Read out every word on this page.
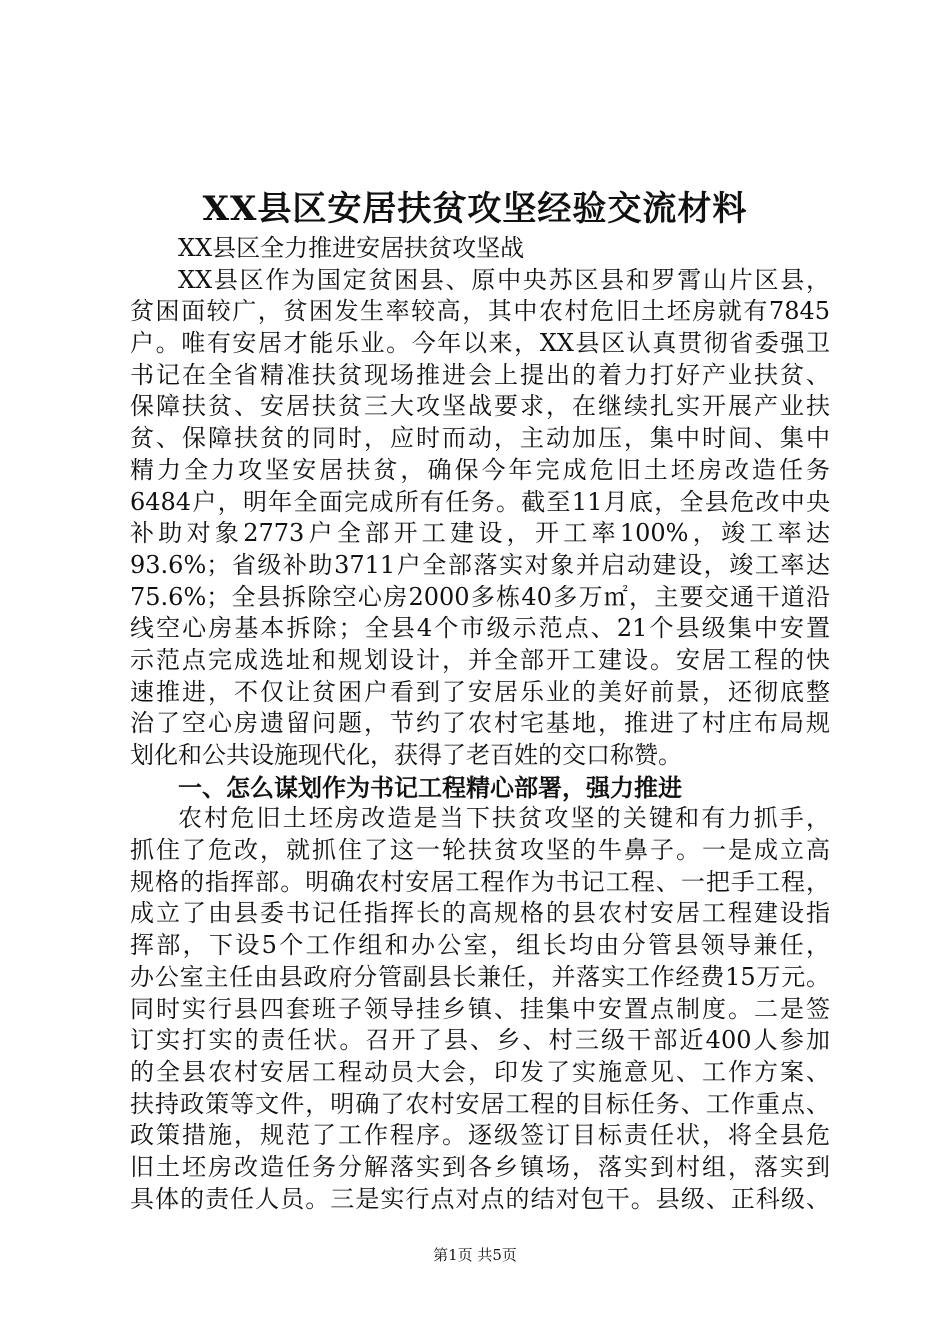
XX县区安居扶贫攻坚经验交流材料
XX县区全力推进安居扶贫攻坚战
XX县区作为国定贫困县、原中央苏区县和罗霄山片区县，
贫困面较广，贫困发生率较高，其中农村危旧土坯房就有7845
户。唯有安居才能乐业。今年以来，XX县区认真贯彻省委强卫
书记在全省精准扶贫现场推进会上提出的着力打好产业扶贫、
保障扶贫、安居扶贫三大攻坚战要求，在继续扎实开展产业扶
贫、保障扶贫的同时，应时而动，主动加压，集中时间、集中
精力全力攻坚安居扶贫，确保今年完成危旧土坯房改造任务
6484户，明年全面完成所有任务。截至11月底，全县危改中央
补助对象2773户全部开工建设，开工率100%，竣工率达
93.6%；省级补助3711户全部落实对象并启动建设，竣工率达
75.6%；全县拆除空心房2000多栋40多万㎡，主要交通干道沿
线空心房基本拆除；全县4个市级示范点、21个县级集中安置
示范点完成选址和规划设计，并全部开工建设。安居工程的快
速推进，不仅让贫困户看到了安居乐业的美好前景，还彻底整
治了空心房遗留问题，节约了农村宅基地，推进了村庄布局规
划化和公共设施现代化，获得了老百姓的交口称赞。
一、怎么谋划作为书记工程精心部署，强力推进
农村危旧土坯房改造是当下扶贫攻坚的关键和有力抓手，
抓住了危改，就抓住了这一轮扶贫攻坚的牛鼻子。一是成立高
规格的指挥部。明确农村安居工程作为书记工程、一把手工程，
成立了由县委书记任指挥长的高规格的县农村安居工程建设指
挥部，下设5个工作组和办公室，组长均由分管县领导兼任，
办公室主任由县政府分管副县长兼任，并落实工作经费15万元。
同时实行县四套班子领导挂乡镇、挂集中安置点制度。二是签
订实打实的责任状。召开了县、乡、村三级干部近400人参加
的全县农村安居工程动员大会，印发了实施意见、工作方案、
扶持政策等文件，明确了农村安居工程的目标任务、工作重点、
政策措施，规范了工作程序。逐级签订目标责任状，将全县危
旧土坯房改造任务分解落实到各乡镇场，落实到村组，落实到
具体的责任人员。三是实行点对点的结对包干。县级、正科级、
第1页 共5页
